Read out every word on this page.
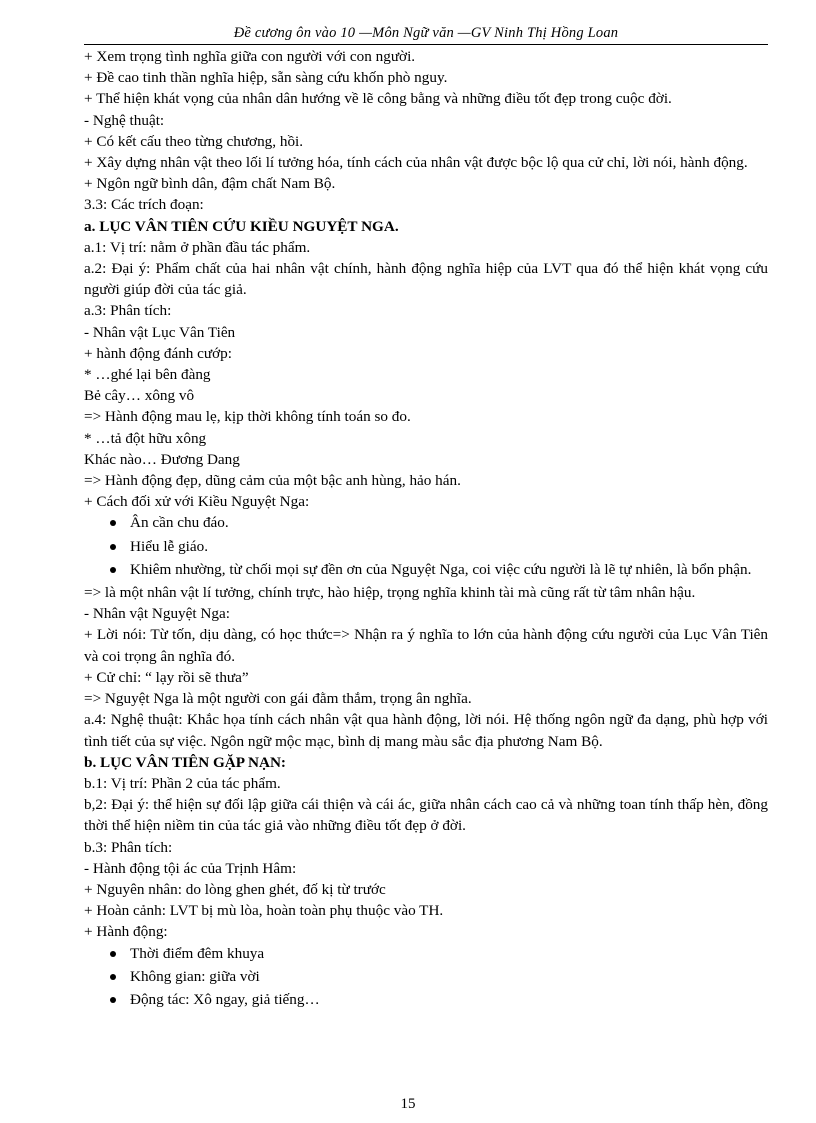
Đề cương ôn vào 10 —Môn Ngữ văn —GV Ninh Thị Hồng Loan

+ Xem trọng tình nghĩa giữa con người với con người.

+ Đề cao tinh thần nghĩa hiệp, sẵn sàng cứu khốn phò nguy.

+ Thể hiện khát vọng của nhân dân hướng về lẽ công bằng và những điều tốt đẹp trong cuộc đời.

- Nghệ thuật:

+ Có kết cấu theo từng chương, hồi.

+ Xây dựng nhân vật theo lối lí tưởng hóa, tính cách của nhân vật được bộc lộ qua cử chỉ, lời nói, hành động.

+ Ngôn ngữ bình dân, đậm chất Nam Bộ.

3.3: Các trích đoạn:

a. LỤC VÂN TIÊN CỨU KIỀU NGUYỆT NGA.

a.1: Vị trí: nằm ở phần đầu tác phẩm.

a.2: Đại ý: Phẩm chất của hai nhân vật chính, hành động nghĩa hiệp của LVT qua đó thể hiện khát vọng cứu người giúp đời của tác giả.

a.3: Phân tích:

- Nhân vật Lục Vân Tiên

+ hành động đánh cướp:

* …ghé lại bên đàng

Bẻ cây… xông vô

=> Hành động mau lẹ, kịp thời không tính toán so đo.

* …tả đột hữu xông

Khác nào… Đương Dang

=> Hành động đẹp, dũng cảm của một bậc anh hùng, hảo hán.

+ Cách đối xử với Kiều Nguyệt Nga:

Ân cần chu đáo.
Hiểu lễ giáo.
Khiêm nhường, từ chối mọi sự đền ơn của Nguyệt Nga, coi việc cứu người là lẽ tự nhiên, là bổn phận.

=> là một nhân vật lí tưởng, chính trực, hào hiệp, trọng nghĩa khinh tài mà cũng rất từ tâm nhân hậu.

- Nhân vật Nguyệt Nga:

+ Lời nói: Từ tốn, dịu dàng, có học thức=> Nhận ra ý nghĩa to lớn của hành động cứu người của Lục Vân Tiên và coi trọng ân nghĩa đó.

+ Cử chỉ: “ lạy rồi sẽ thưa”

=> Nguyệt Nga là một người con gái đằm thắm, trọng ân nghĩa.

a.4: Nghệ thuật: Khắc họa tính cách nhân vật qua hành động, lời nói. Hệ thống ngôn ngữ đa dạng, phù hợp với tình tiết của sự việc. Ngôn ngữ mộc mạc, bình dị mang màu sắc địa phương Nam Bộ.

b. LỤC VÂN TIÊN GẶP NẠN:

b.1: Vị trí: Phần 2 của tác phẩm.

b,2: Đại ý: thể hiện sự đối lập giữa cái thiện và cái ác, giữa nhân cách cao cả và những toan tính thấp hèn, đồng thời thể hiện niềm tin của tác giả vào những điều tốt đẹp ở đời.

b.3: Phân tích:

- Hành động tội ác của Trịnh Hâm:

+ Nguyên nhân: do lòng ghen ghét, đố kị từ trước

+ Hoàn cảnh: LVT bị mù lòa, hoàn toàn phụ thuộc vào TH.

+ Hành động:

Thời điểm đêm khuya
Không gian: giữa vời
Động tác: Xô ngay, giả tiếng…
15
